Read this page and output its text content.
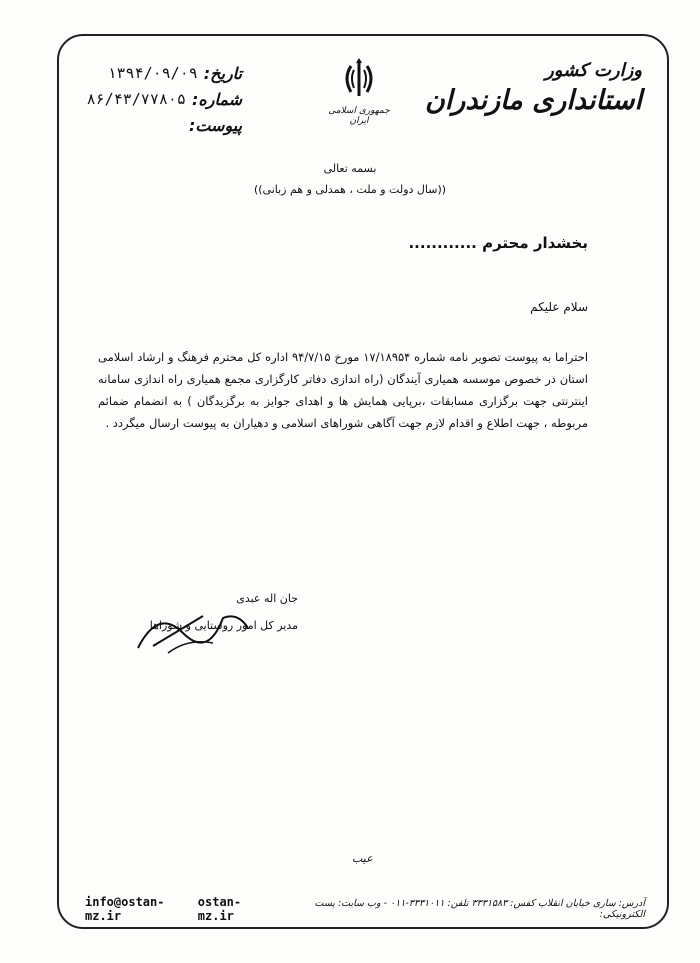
وزارت کشور
استانداری مازندران
جمهوری اسلامی ایران
تاریخ:
۱۳۹۴/۰۹/۰۹
شماره:
۸۶/۴۳/۷۷۸۰۵
پیوست:
بسمه تعالی
((سال دولت و ملت ، همدلی و هم زبانی))
بخشدار محترم ............
سلام علیکم
احتراما به پیوست تصویر نامه شماره ۱۷/۱۸۹۵۴ مورخ ۹۴/۷/۱۵ اداره کل محترم فرهنگ و ارشاد اسلامی استان در خصوص موسسه همیاری آیندگان (راه اندازی دفاتر کارگزاری مجمع همیاری راه اندازی سامانه اینترنتی جهت برگزاری مسابقات ،برپایی همایش ها و اهدای جوایز به برگزیدگان ) به انضمام ضمائم مربوطه ، جهت اطلاع و اقدام لازم جهت آگاهی شوراهای اسلامی و دهیاران به پیوست ارسال میگردد .
جان اله عبدی
مدیر کل امور روستایی و شوراها
عیب
info@ostan-mz.ir
ostan-mz.ir
آدرس: ساری خیابان انقلاب کفس: ۳۳۳۱۵۸۳ تلفن: ۳۳۳۱۰۱۱-۰۱۱ - وب سایت: پست الکترونیکی:
